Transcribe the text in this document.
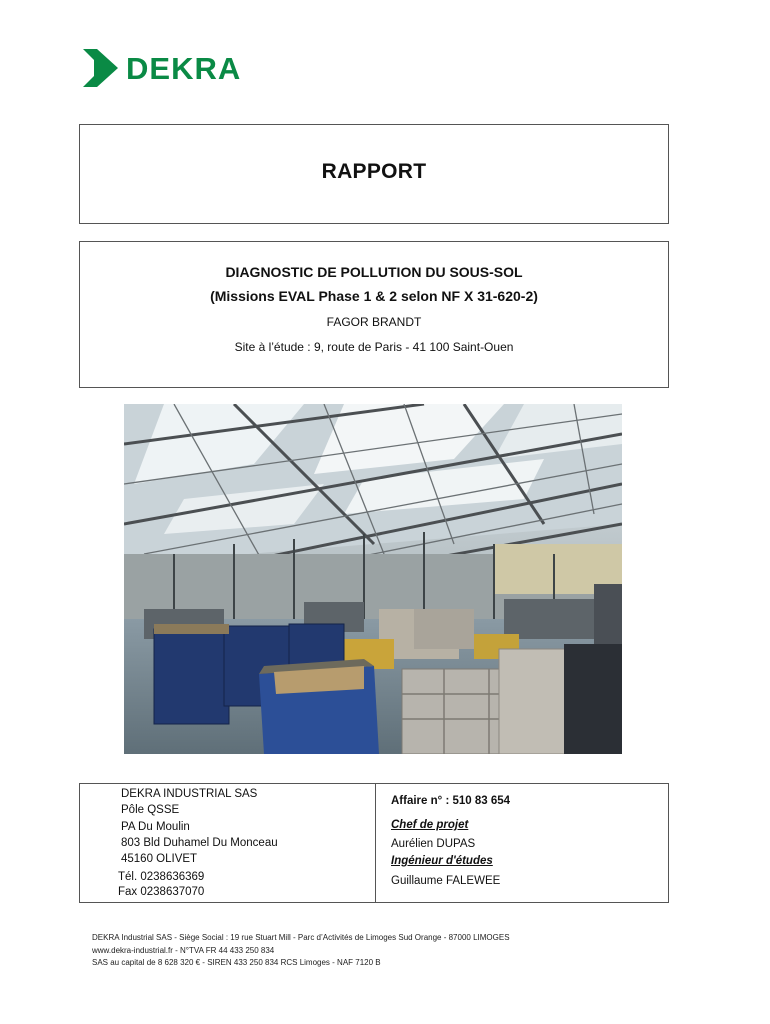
DEKRA
RAPPORT
DIAGNOSTIC DE POLLUTION DU SOUS-SOL
(Missions EVAL Phase 1 & 2 selon NF X 31-620-2)
FAGOR BRANDT
Site à l’étude : 9, route de Paris - 41 100 Saint-Ouen
DEKRA INDUSTRIAL SAS
Pôle QSSE
PA Du Moulin
803 Bld Duhamel Du Monceau
45160 OLIVET
Tél. 0238636369
Fax 0238637070
Affaire n° : 510 83 654
Chef de projet
Aurélien DUPAS
Ingénieur d'études
Guillaume FALEWEE
DEKRA Industrial SAS - Siège Social : 19 rue Stuart Mill - Parc d’Activités de Limoges Sud Orange - 87000 LIMOGES
www.dekra-industrial.fr - N°TVA FR 44 433 250 834
SAS au capital de 8 628 320 € - SIREN 433 250 834 RCS Limoges - NAF 7120 B
